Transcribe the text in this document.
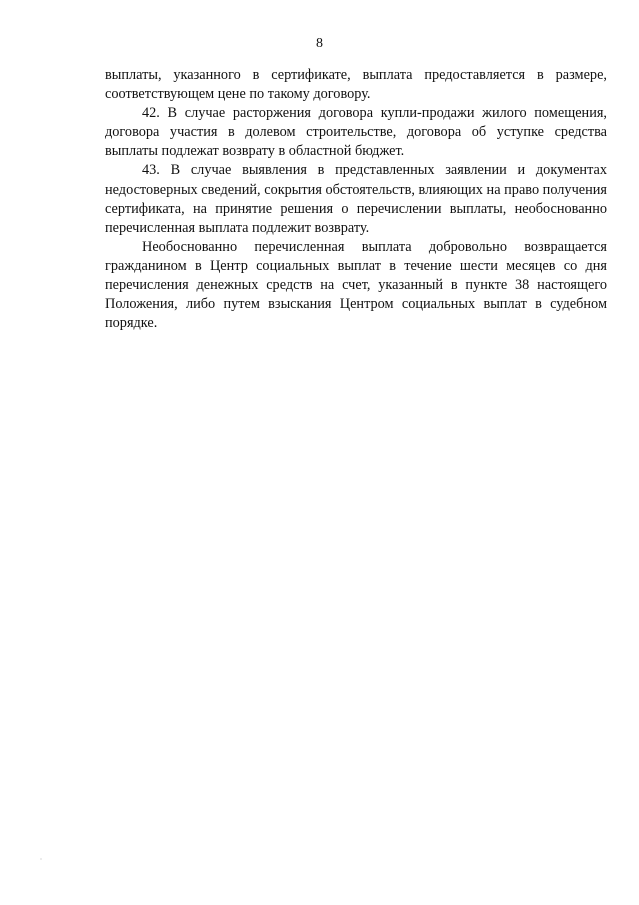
8

выплаты, указанного в сертификате, выплата предоставляется в размере, соответствующем цене по такому договору.

42. В случае расторжения договора купли-продажи жилого помещения, договора участия в долевом строительстве, договора об уступке средства выплаты подлежат возврату в областной бюджет.

43. В случае выявления в представленных заявлении и документах недостоверных сведений, сокрытия обстоятельств, влияющих на право получения сертификата, на принятие решения о перечислении выплаты, необоснованно перечисленная выплата подлежит возврату.

Необоснованно перечисленная выплата добровольно возвращается гражданином в Центр социальных выплат в течение шести месяцев со дня перечисления денежных средств на счет, указанный в пункте 38 настоящего Положения, либо путем взыскания Центром социальных выплат в судебном порядке.
